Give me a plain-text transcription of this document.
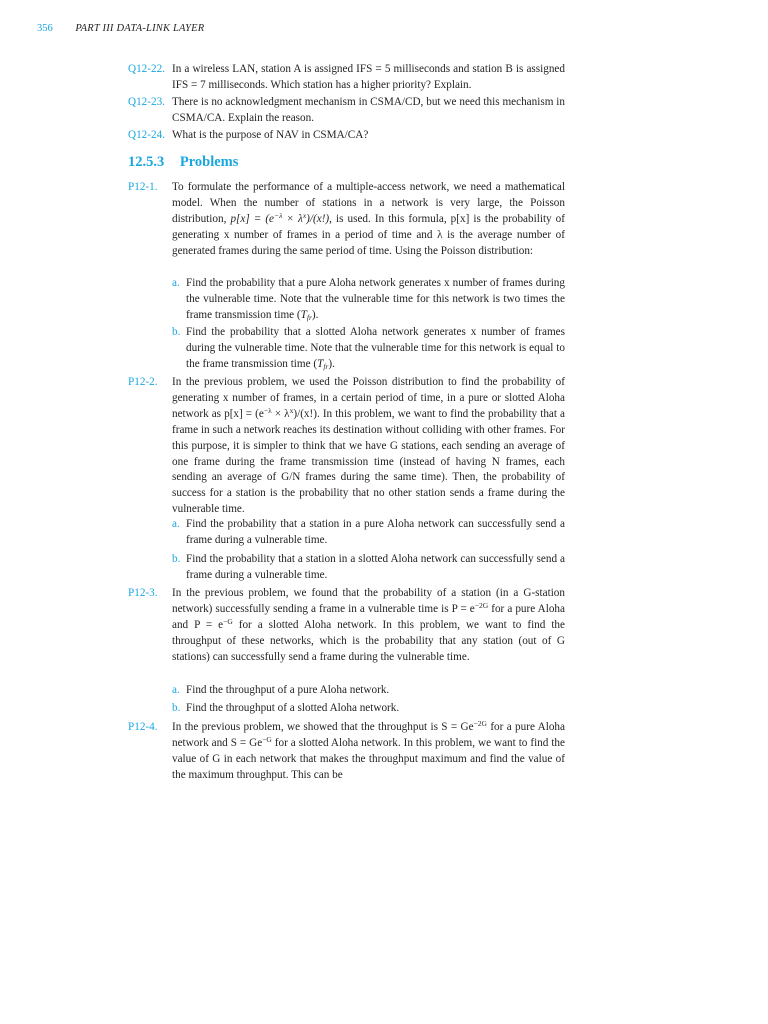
356 PART III DATA-LINK LAYER
Q12-22. In a wireless LAN, station A is assigned IFS = 5 milliseconds and station B is assigned IFS = 7 milliseconds. Which station has a higher priority? Explain.
Q12-23. There is no acknowledgment mechanism in CSMA/CD, but we need this mechanism in CSMA/CA. Explain the reason.
Q12-24. What is the purpose of NAV in CSMA/CA?
12.5.3 Problems
P12-1. To formulate the performance of a multiple-access network, we need a mathematical model. When the number of stations in a network is very large, the Poisson distribution, $p[x] = (e^{-\lambda} \times \lambda^x)/(x!)$, is used. In this formula, p[x] is the probability of generating x number of frames in a period of time and λ is the average number of generated frames during the same period of time. Using the Poisson distribution:
a. Find the probability that a pure Aloha network generates x number of frames during the vulnerable time. Note that the vulnerable time for this network is two times the frame transmission time $(T_{fr})$.
b. Find the probability that a slotted Aloha network generates x number of frames during the vulnerable time. Note that the vulnerable time for this network is equal to the frame transmission time $(T_{fr})$.
P12-2. In the previous problem, we used the Poisson distribution to find the probability of generating x number of frames, in a certain period of time, in a pure or slotted Aloha network as $p[x] = (e^{-\lambda} \times \lambda^x)/(x!)$. In this problem, we want to find the probability that a frame in such a network reaches its destination without colliding with other frames. For this purpose, it is simpler to think that we have G stations, each sending an average of one frame during the frame transmission time (instead of having N frames, each sending an average of G/N frames during the same time). Then, the probability of success for a station is the probability that no other station sends a frame during the vulnerable time.
a. Find the probability that a station in a pure Aloha network can successfully send a frame during a vulnerable time.
b. Find the probability that a station in a slotted Aloha network can successfully send a frame during a vulnerable time.
P12-3. In the previous problem, we found that the probability of a station (in a G-station network) successfully sending a frame in a vulnerable time is $P = e^{-2G}$ for a pure Aloha and $P = e^{-G}$ for a slotted Aloha network. In this problem, we want to find the throughput of these networks, which is the probability that any station (out of G stations) can successfully send a frame during the vulnerable time.
a. Find the throughput of a pure Aloha network.
b. Find the throughput of a slotted Aloha network.
P12-4. In the previous problem, we showed that the throughput is $S = Ge^{-2G}$ for a pure Aloha network and $S = Ge^{-G}$ for a slotted Aloha network. In this problem, we want to find the value of G in each network that makes the throughput maximum and find the value of the maximum throughput. This can be
